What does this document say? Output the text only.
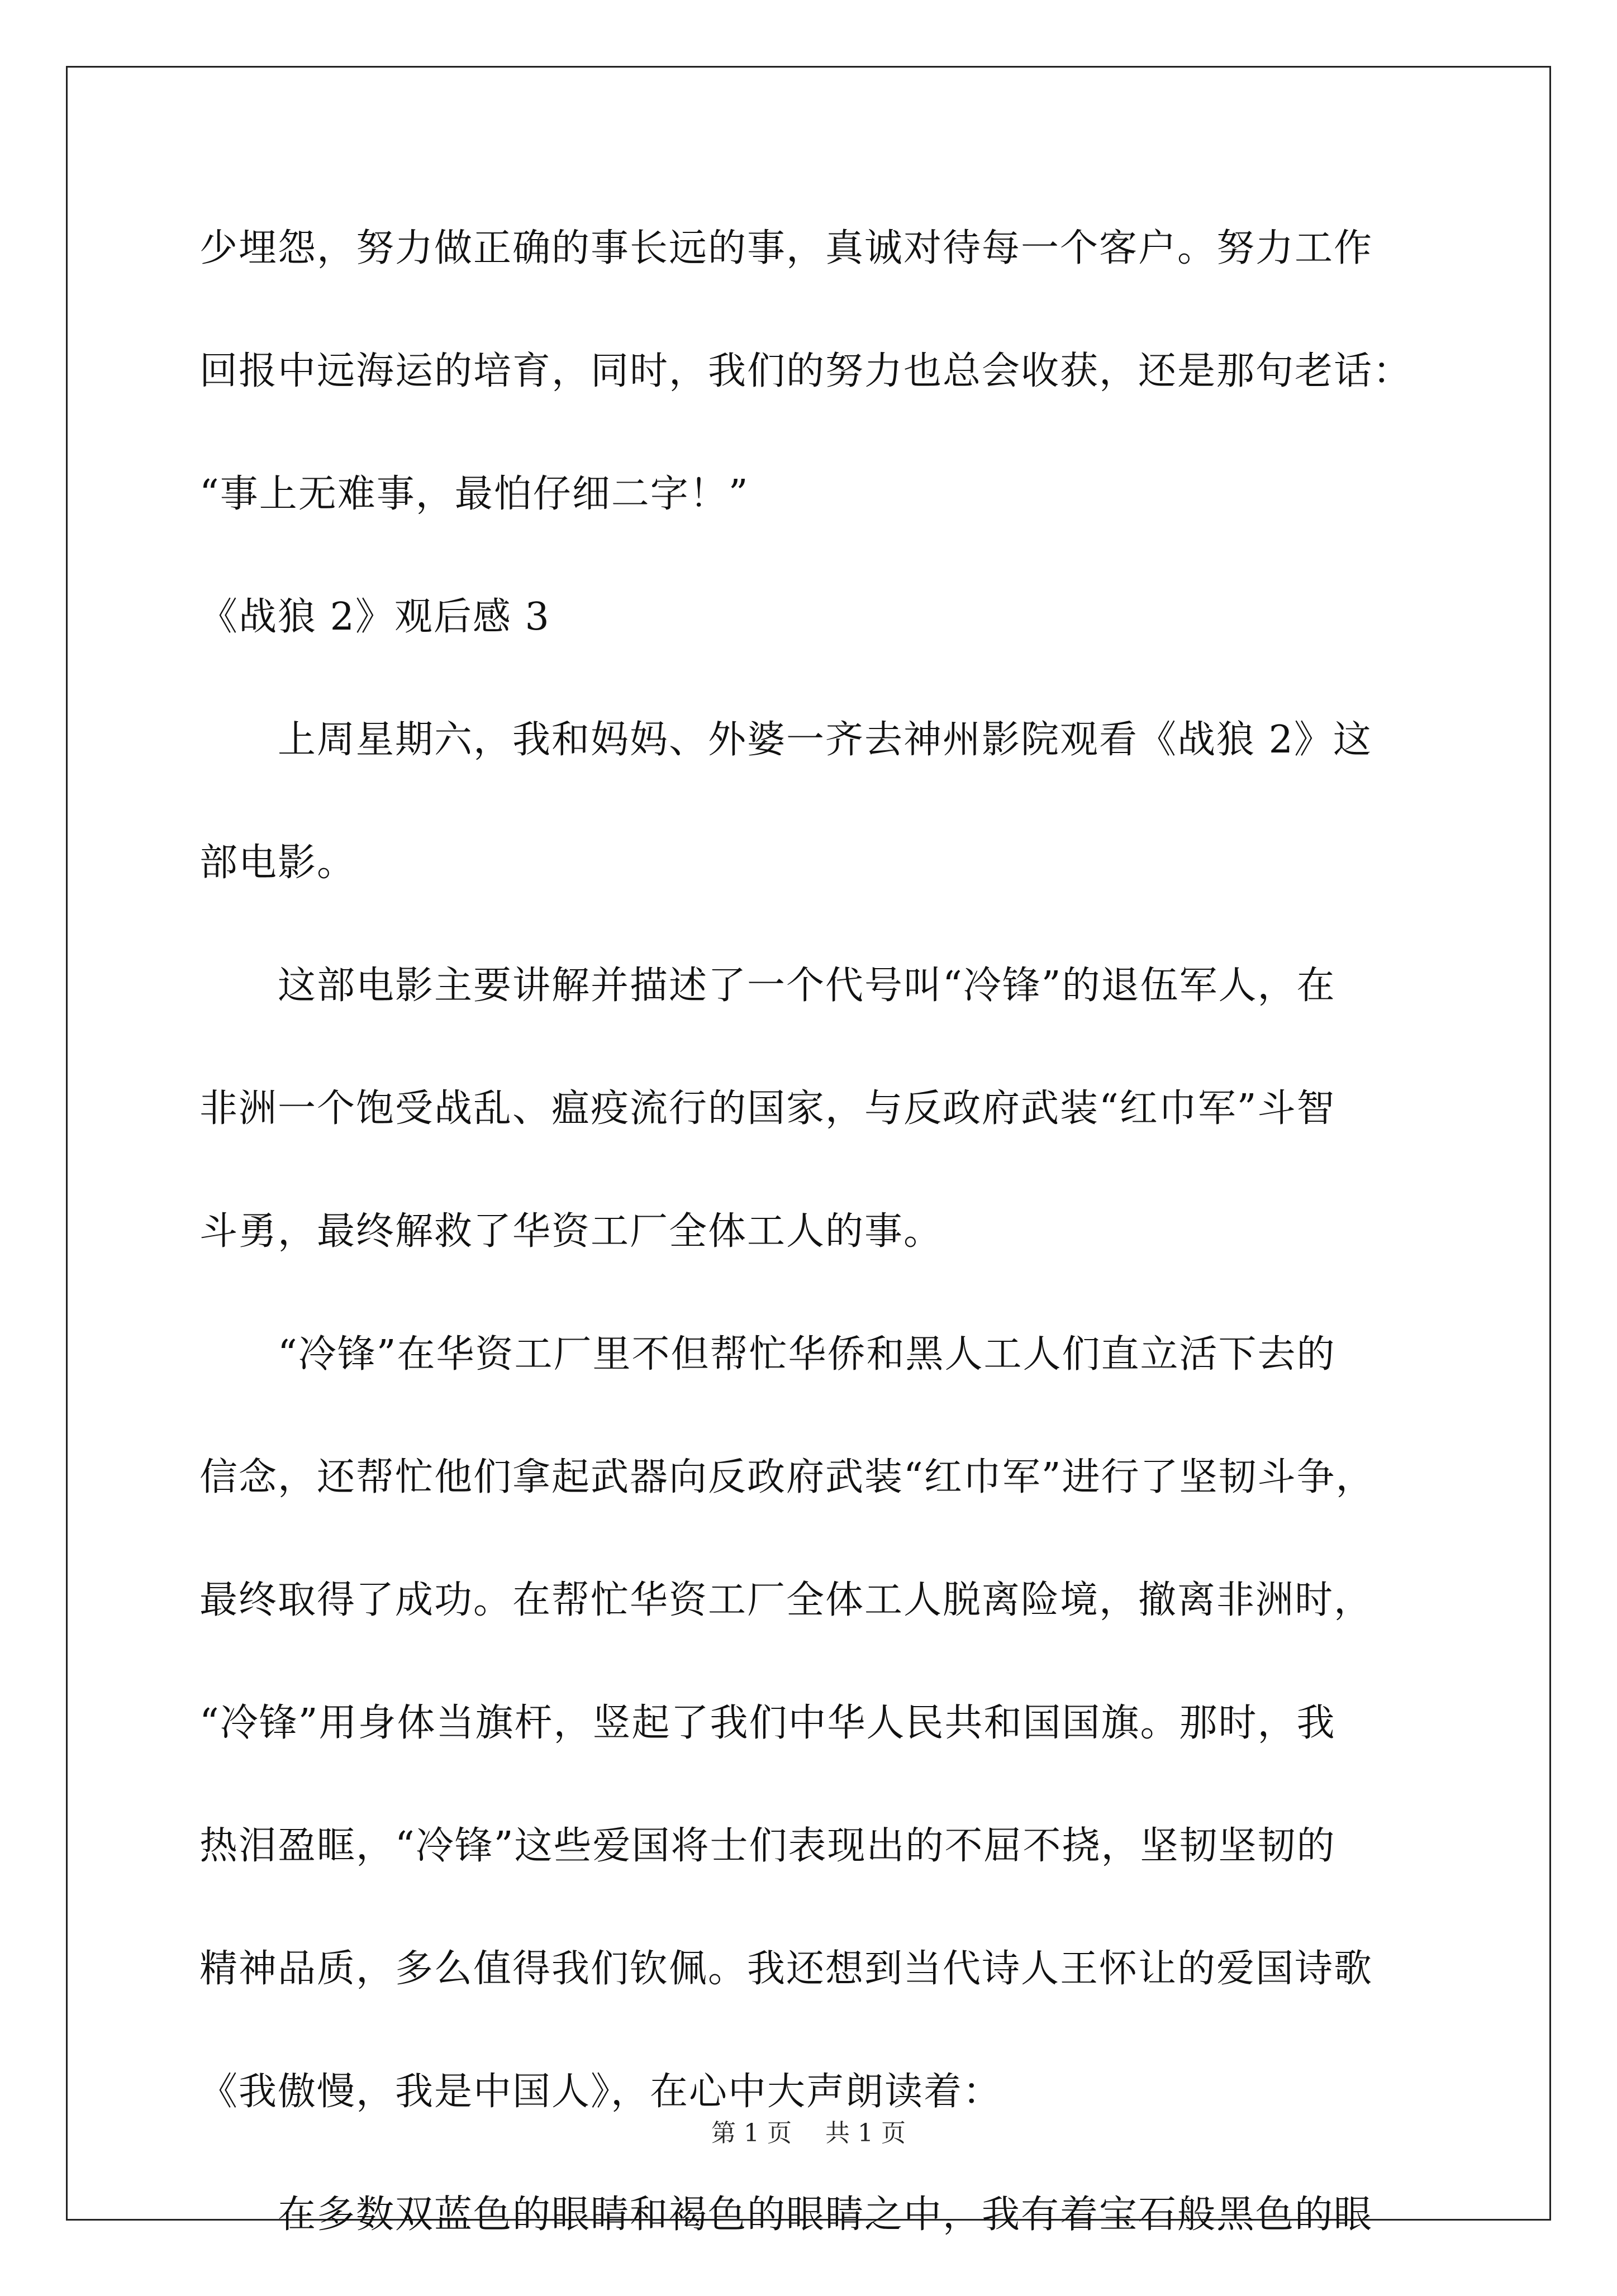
少埋怨，努力做正确的事长远的事，真诚对待每一个客户。努力工作
回报中远海运的培育，同时，我们的努力也总会收获，还是那句老话：
“事上无难事，最怕仔细二字！”
《战狼 2》观后感 3
上周星期六，我和妈妈、外婆一齐去神州影院观看《战狼 2》这
部电影。
这部电影主要讲解并描述了一个代号叫“冷锋”的退伍军人，在
非洲一个饱受战乱、瘟疫流行的国家，与反政府武装“红巾军”斗智
斗勇，最终解救了华资工厂全体工人的事。
“冷锋”在华资工厂里不但帮忙华侨和黑人工人们直立活下去的
信念，还帮忙他们拿起武器向反政府武装“红巾军”进行了坚韧斗争，
最终取得了成功。在帮忙华资工厂全体工人脱离险境，撤离非洲时，
“冷锋”用身体当旗杆，竖起了我们中华人民共和国国旗。那时，我
热泪盈眶，“冷锋”这些爱国将士们表现出的不屈不挠，坚韧坚韧的
精神品质，多么值得我们钦佩。我还想到当代诗人王怀让的爱国诗歌
《我傲慢，我是中国人》，在心中大声朗读着：
在多数双蓝色的眼睛和褐色的眼睛之中，我有着宝石般黑色的眼
第 1 页 共 1 页
